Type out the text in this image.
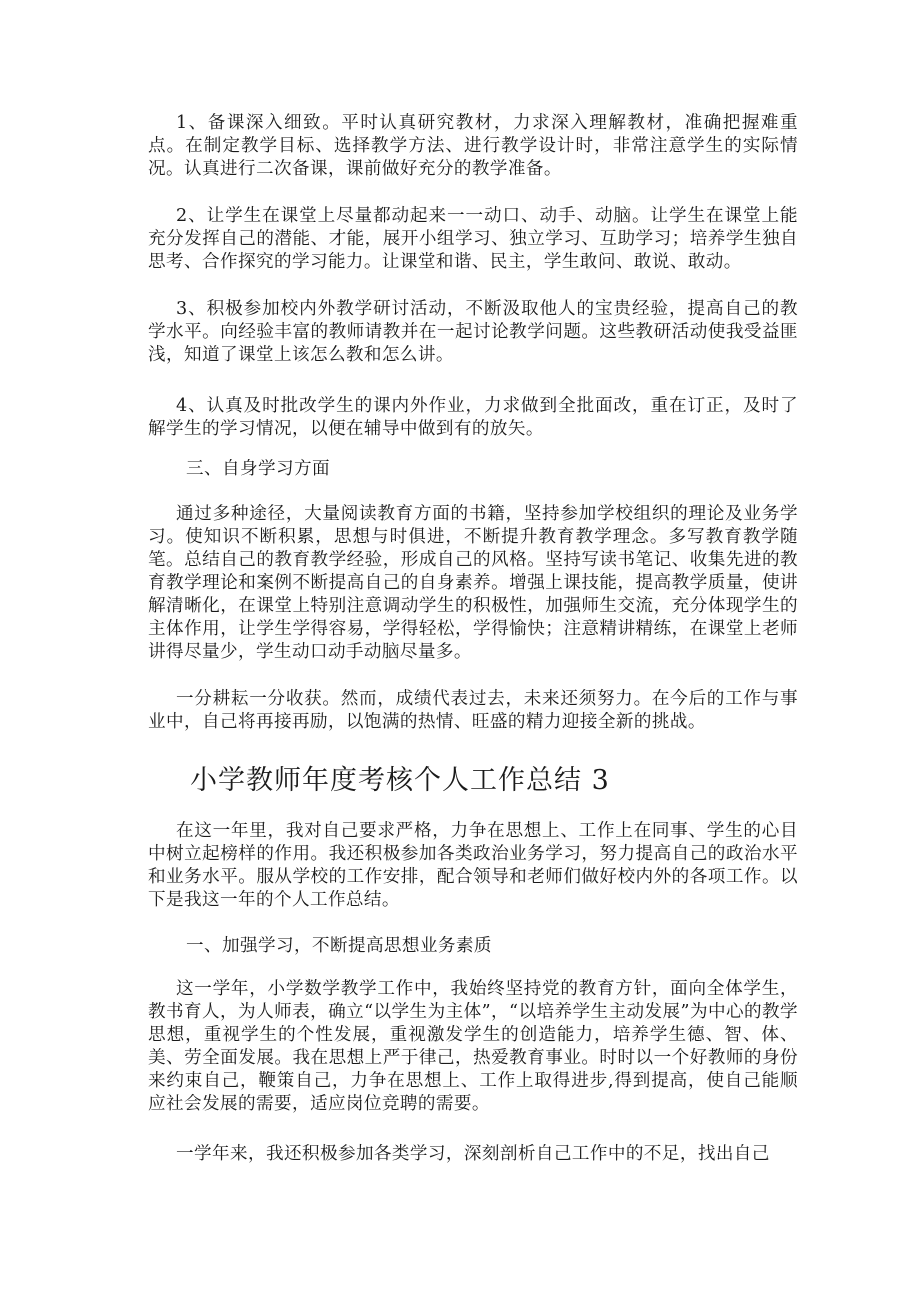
1、备课深入细致。平时认真研究教材，力求深入理解教材，准确把握难重点。在制定教学目标、选择教学方法、进行教学设计时，非常注意学生的实际情况。认真进行二次备课，课前做好充分的教学准备。

2、让学生在课堂上尽量都动起来一一动口、动手、动脑。让学生在课堂上能充分发挥自己的潜能、才能，展开小组学习、独立学习、互助学习；培养学生独自思考、合作探究的学习能力。让课堂和谐、民主，学生敢问、敢说、敢动。

3、积极参加校内外教学研讨活动，不断汲取他人的宝贵经验，提高自己的教学水平。向经验丰富的教师请教并在一起讨论教学问题。这些教研活动使我受益匪浅，知道了课堂上该怎么教和怎么讲。

4、认真及时批改学生的课内外作业，力求做到全批面改，重在订正，及时了解学生的学习情况，以便在辅导中做到有的放矢。

三、自身学习方面

通过多种途径，大量阅读教育方面的书籍，坚持参加学校组织的理论及业务学习。使知识不断积累，思想与时俱进，不断提升教育教学理念。多写教育教学随笔。总结自己的教育教学经验，形成自己的风格。坚持写读书笔记、收集先进的教育教学理论和案例不断提高自己的自身素养。增强上课技能，提高教学质量，使讲解清晰化，在课堂上特别注意调动学生的积极性，加强师生交流，充分体现学生的主体作用，让学生学得容易，学得轻松，学得愉快；注意精讲精练，在课堂上老师讲得尽量少，学生动口动手动脑尽量多。

一分耕耘一分收获。然而，成绩代表过去，未来还须努力。在今后的工作与事业中，自己将再接再励，以饱满的热情、旺盛的精力迎接全新的挑战。

小学教师年度考核个人工作总结 3

在这一年里，我对自己要求严格，力争在思想上、工作上在同事、学生的心目中树立起榜样的作用。我还积极参加各类政治业务学习，努力提高自己的政治水平和业务水平。服从学校的工作安排，配合领导和老师们做好校内外的各项工作。以下是我这一年的个人工作总结。

一、加强学习，不断提高思想业务素质

这一学年，小学数学教学工作中，我始终坚持党的教育方针，面向全体学生，教书育人，为人师表，确立“以学生为主体”，“以培养学生主动发展”为中心的教学思想，重视学生的个性发展，重视激发学生的创造能力，培养学生德、智、体、美、劳全面发展。我在思想上严于律己，热爱教育事业。时时以一个好教师的身份来约束自己，鞭策自己，力争在思想上、工作上取得进步,得到提高，使自己能顺应社会发展的需要，适应岗位竞聘的需要。

一学年来，我还积极参加各类学习，深刻剖析自己工作中的不足，找出自己
